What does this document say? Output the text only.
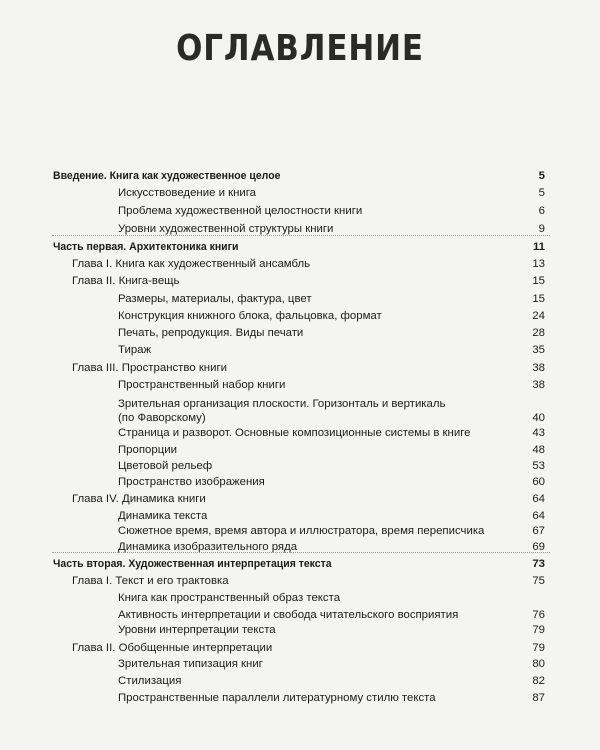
ОГЛАВЛЕНИЕ
Введение. Книга как художественное целое	5
Искусствоведение и книга	5
Проблема художественной целостности книги	6
Уровни художественной структуры книги	9
Часть первая. Архитектоника книги	11
Глава I. Книга как художественный ансамбль	13
Глава II. Книга-вещь	15
Размеры, материалы, фактура, цвет	15
Конструкция книжного блока, фальцовка, формат	24
Печать, репродукция. Виды печати	28
Тираж	35
Глава III. Пространство книги	38
Пространственный набор книги	38
Зрительная организация плоскости. Горизонталь и вертикаль
(по Фаворскому)	40
Страница и разворот. Основные композиционные системы в книге	43
Пропорции	48
Цветовой рельеф	53
Пространство изображения	60
Глава IV. Динамика книги	64
Динамика текста	64
Сюжетное время, время автора и иллюстратора, время переписчика	67
Динамика изобразительного ряда	69
Часть вторая. Художественная интерпретация текста	73
Глава I. Текст и его трактовка	75
Книга как пространственный образ текста
Активность интерпретации и свобода читательского восприятия	76
Уровни интерпретации текста	79
Глава II. Обобщенные интерпретации	79
Зрительная типизация книг	80
Стилизация	82
Пространственные параллели литературному стилю текста	87
